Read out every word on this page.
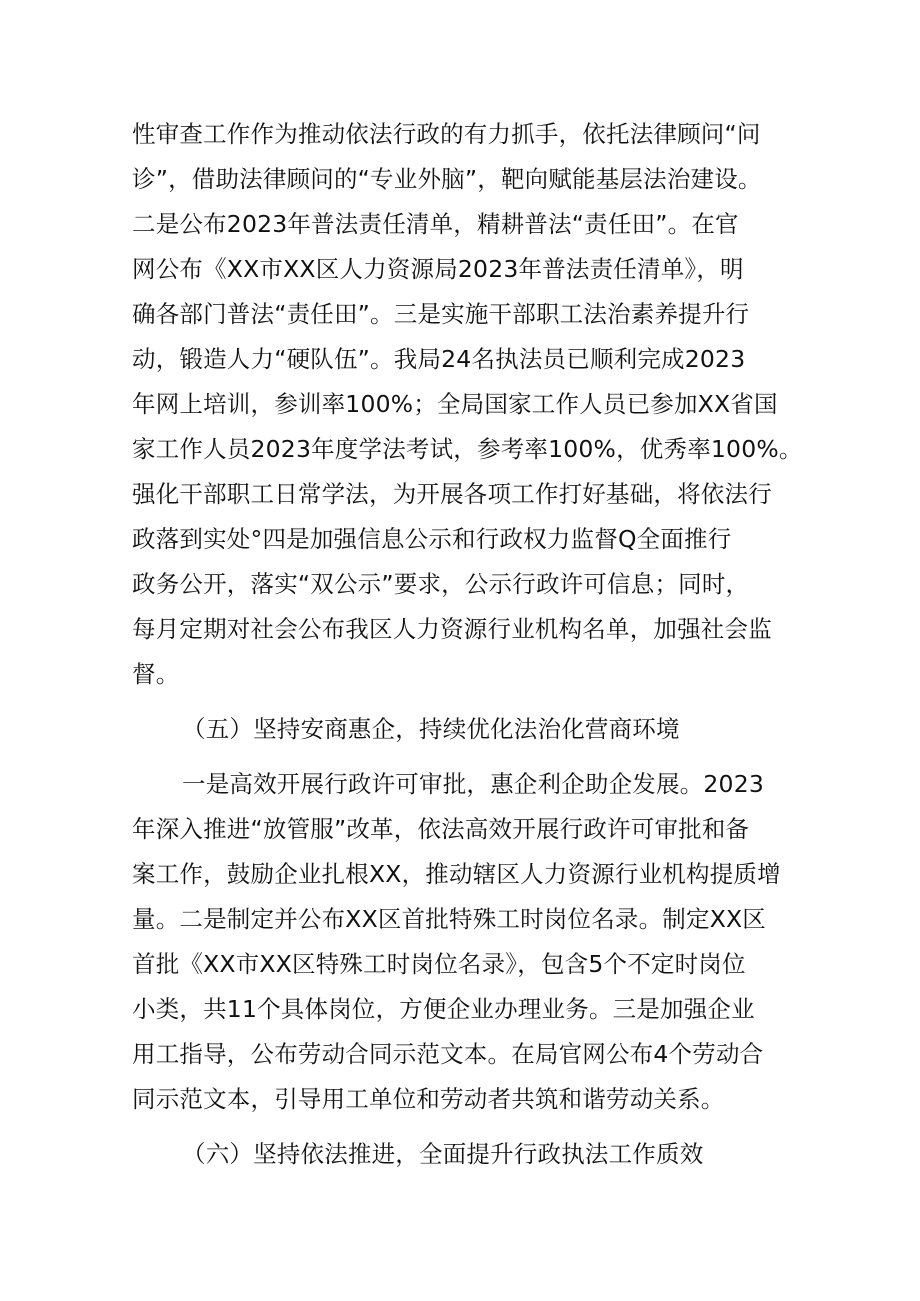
性审查工作作为推动依法行政的有力抓手，依托法律顾问“问
诊”，借助法律顾问的“专业外脑”，靶向赋能基层法治建设。
二是公布2023年普法责任清单，精耕普法“责任田”。在官
网公布《XX市XX区人力资源局2023年普法责任清单》，明
确各部门普法“责任田”。三是实施干部职工法治素养提升行
动，锻造人力“硬队伍”。我局24名执法员已顺利完成2023
年网上培训，参训率100%；全局国家工作人员已参加XX省国
家工作人员2023年度学法考试，参考率100%，优秀率100%。
强化干部职工日常学法，为开展各项工作打好基础，将依法行
政落到实处°四是加强信息公示和行政权力监督Q全面推行
政务公开，落实“双公示”要求，公示行政许可信息；同时，
每月定期对社会公布我区人力资源行业机构名单，加强社会监
督。
（五）坚持安商惠企，持续优化法治化营商环境
一是高效开展行政许可审批，惠企利企助企发展。2023
年深入推进“放管服”改革，依法高效开展行政许可审批和备
案工作，鼓励企业扎根XX，推动辖区人力资源行业机构提质增
量。二是制定并公布XX区首批特殊工时岗位名录。制定XX区
首批《XX市XX区特殊工时岗位名录》，包含5个不定时岗位
小类，共11个具体岗位，方便企业办理业务。三是加强企业
用工指导，公布劳动合同示范文本。在局官网公布4个劳动合
同示范文本，引导用工单位和劳动者共筑和谐劳动关系。
（六）坚持依法推进，全面提升行政执法工作质效
